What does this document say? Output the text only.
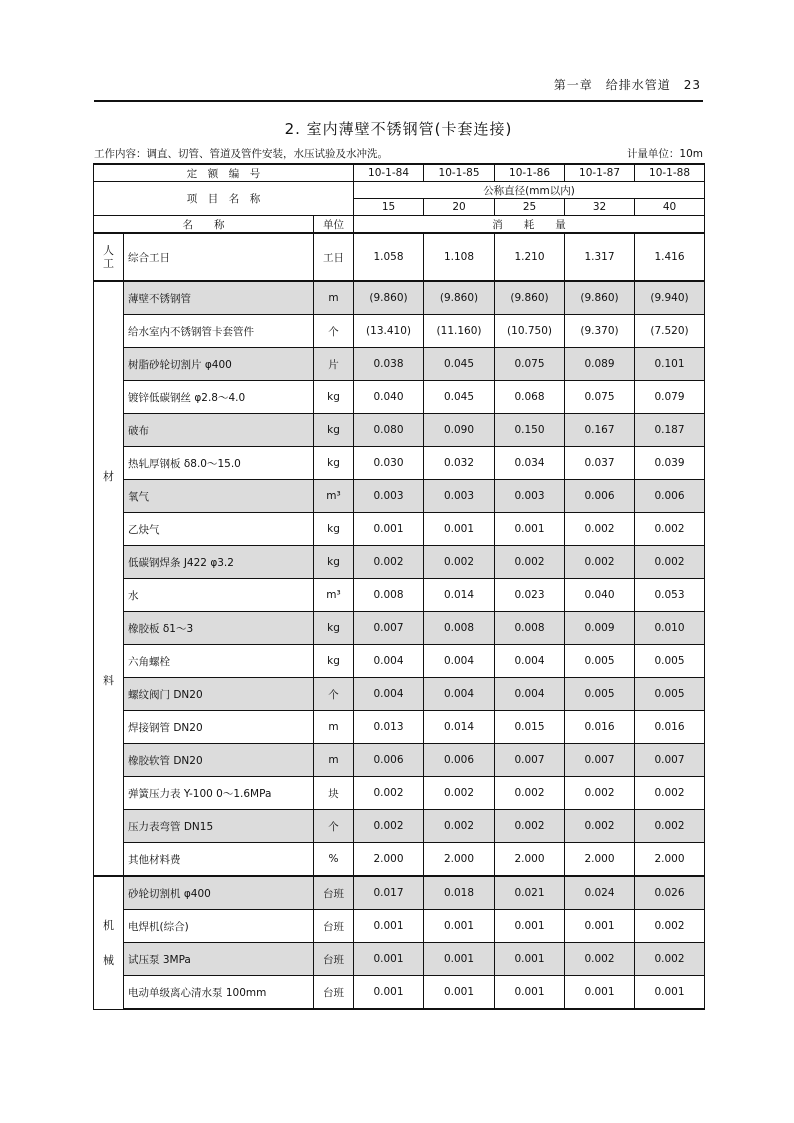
第一章　给排水管道　23
2. 室内薄壁不锈钢管(卡套连接)
工作内容：调直、切管、管道及管件安装，水压试验及水冲洗。	计量单位：10m
定　额　编　号			10-1-84	10-1-85	10-1-86	10-1-87	10-1-88
项　目　名　称			公称直径(mm以内)				
			15	20	25	32	40
名　　称		单位	消　　耗　　量				

人
工	综合工日	工日	1.058	1.108	1.210	1.317	1.416

材
料	薄壁不锈钢管	m	(9.860)	(9.860)	(9.860)	(9.860)	(9.940)
	给水室内不锈钢管卡套管件	个	(13.410)	(11.160)	(10.750)	(9.370)	(7.520)
	树脂砂轮切割片 φ400	片	0.038	0.045	0.075	0.089	0.101
	镀锌低碳钢丝 φ2.8～4.0	kg	0.040	0.045	0.068	0.075	0.079
	破布	kg	0.080	0.090	0.150	0.167	0.187
	热轧厚钢板 δ8.0～15.0	kg	0.030	0.032	0.034	0.037	0.039
	氧气	m³	0.003	0.003	0.003	0.006	0.006
	乙炔气	kg	0.001	0.001	0.001	0.002	0.002
	低碳钢焊条 J422 φ3.2	kg	0.002	0.002	0.002	0.002	0.002
	水	m³	0.008	0.014	0.023	0.040	0.053
	橡胶板 δ1～3	kg	0.007	0.008	0.008	0.009	0.010
	六角螺栓	kg	0.004	0.004	0.004	0.005	0.005
	螺纹阀门 DN20	个	0.004	0.004	0.004	0.005	0.005
	焊接钢管 DN20	m	0.013	0.014	0.015	0.016	0.016
	橡胶软管 DN20	m	0.006	0.006	0.007	0.007	0.007
	弹簧压力表 Y-100 0～1.6MPa	块	0.002	0.002	0.002	0.002	0.002
	压力表弯管 DN15	个	0.002	0.002	0.002	0.002	0.002
	其他材料费	%	2.000	2.000	2.000	2.000	2.000

机
械	砂轮切割机 φ400	台班	0.017	0.018	0.021	0.024	0.026
	电焊机(综合)	台班	0.001	0.001	0.001	0.001	0.002
	试压泵 3MPa	台班	0.001	0.001	0.001	0.002	0.002
	电动单级离心清水泵 100mm	台班	0.001	0.001	0.001	0.001	0.001
